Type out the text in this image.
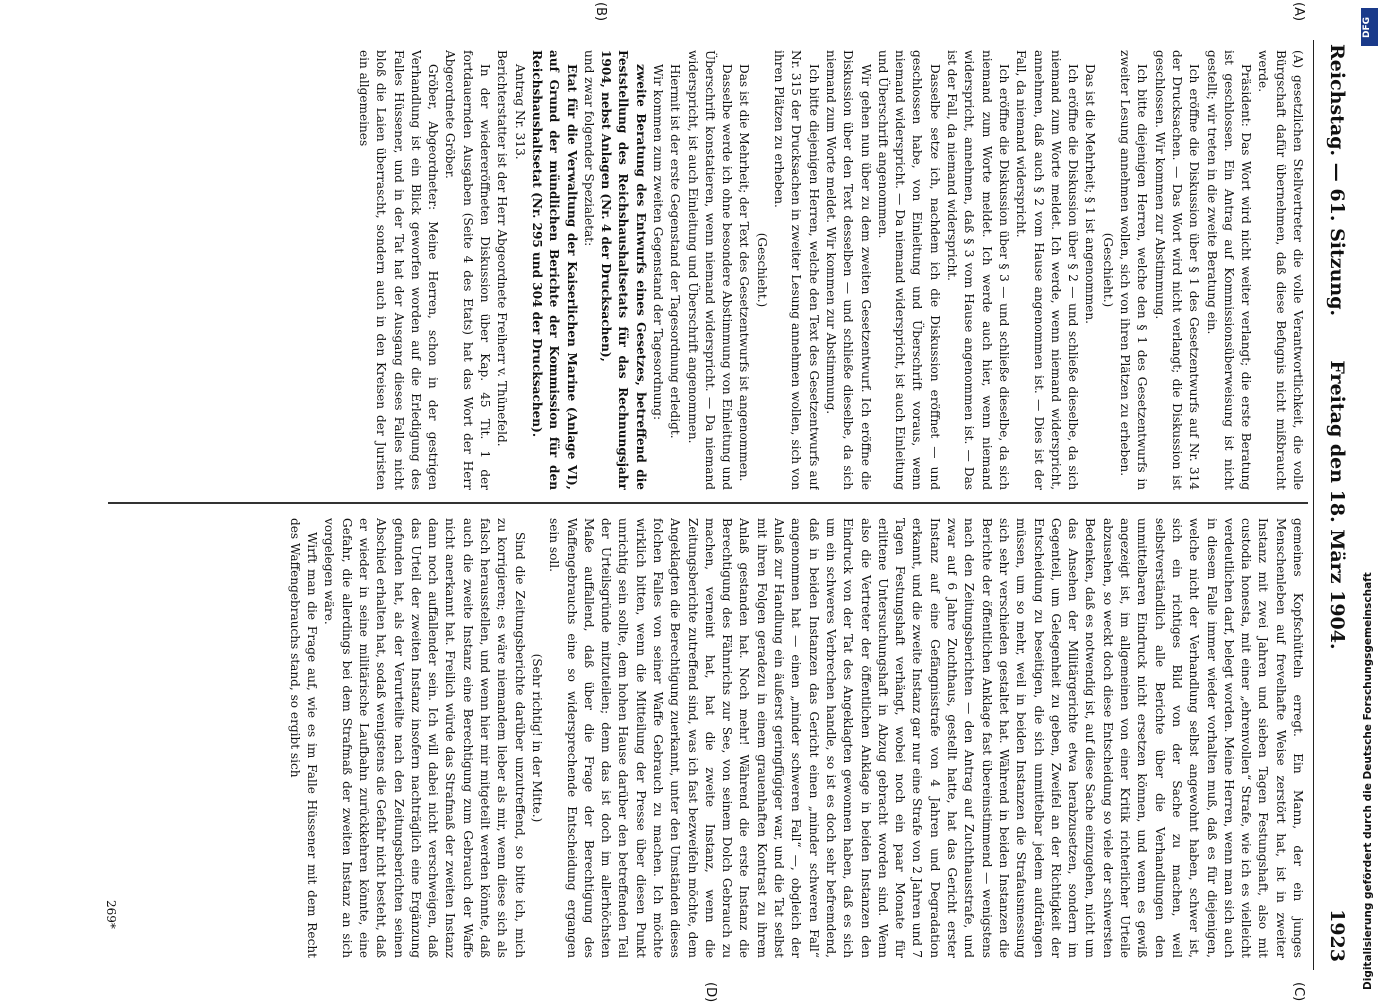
Reichstag. — 61. Sitzung.
Freitag den 18. März 1904.
1923
(A)
(B)
(C)
(D)

(A) gesetzlichen Stellvertreter die volle Verantwortlichkeit, die volle Bürgschaft dafür übernehmen, daß diese Befugnis nicht mißbraucht werde.

Präsident: Das Wort wird nicht weiter verlangt; die erste Beratung ist geschlossen. Ein Antrag auf Kommissionsüberweisung ist nicht gestellt; wir treten in die zweite Beratung ein.

Ich eröffne die Diskussion über § 1 des Gesetzentwurfs auf Nr. 314 der Drucksachen. — Das Wort wird nicht verlangt; die Diskussion ist geschlossen. Wir kommen zur Abstimmung.

Ich bitte diejenigen Herren, welche den § 1 des Gesetzentwurfs in zweiter Lesung annehmen wollen, sich von ihren Plätzen zu erheben.

(Geschieht.)

Das ist die Mehrheit; § 1 ist angenommen.

Ich eröffne die Diskussion über § 2 — und schließe dieselbe, da sich niemand zum Worte meldet. Ich werde, wenn niemand widerspricht, annehmen, daß auch § 2 vom Hause angenommen ist. — Dies ist der Fall, da niemand widerspricht.

Ich eröffne die Diskussion über § 3 — und schließe dieselbe, da sich niemand zum Worte meldet. Ich werde auch hier, wenn niemand widerspricht, annehmen, daß § 3 vom Hause angenommen ist. — Das ist der Fall, da niemand widerspricht.

Dasselbe setze ich, nachdem ich die Diskussion eröffnet — und geschlossen habe, von Einleitung und Überschrift voraus, wenn niemand widerspricht. — Da niemand widerspricht, ist auch Einleitung und Überschrift angenommen.

Wir gehen nun über zu dem zweiten Gesetzentwurf. Ich eröffne die Diskussion über den Text desselben — und schließe dieselbe, da sich niemand zum Worte meldet. Wir kommen zur Abstimmung.

Ich bitte diejenigen Herren, welche den Text des Gesetzentwurfs auf Nr. 315 der Drucksachen in zweiter Lesung annehmen wollen, sich von ihren Plätzen zu erheben.

(Geschieht.)

Das ist die Mehrheit; der Text des Gesetzentwurfs ist angenommen.

Dasselbe werde ich ohne besondere Abstimmung von Einleitung und Überschrift konstatieren, wenn niemand widerspricht. — Da niemand widerspricht, ist auch Einleitung und Überschrift angenommen.

Hiermit ist der erste Gegenstand der Tagesordnung erledigt.

Wir kommen zum zweiten Gegenstand der Tagesordnung:

zweite Beratung des Entwurfs eines Gesetzes, betreffend die Feststellung des Reichshaushaltsetats für das Rechnungsjahr 1904, nebst Anlagen (Nr. 4 der Drucksachen),

und zwar folgender Spezialetat:

Etat für die Verwaltung der Kaiserlichen Marine (Anlage VI), auf Grund der mündlichen Berichte der Kommission für den Reichshaushaltsetat (Nr. 295 und 304 der Drucksachen).

Antrag Nr. 313.

Berichterstatter ist der Herr Abgeordnete Freiherr v. Thünefeld.

In der wiedereröffneten Diskussion über Kap. 45 Tit. 1 der fortdauernden Ausgaben (Seite 4 des Etats) hat das Wort der Herr Abgeordnete Gröber.

Gröber, Abgeordneter: Meine Herren, schon in der gestrigen Verhandlung ist ein Blick geworfen worden auf die Erledigung des Falles Hüssener, und in der Tat hat der Ausgang dieses Falles nicht bloß die Laien überrascht, sondern auch in den Kreisen der Juristen ein allgemeines

gemeines Kopfschütteln erregt. Ein Mann, der ein junges Menschenleben auf frevelhafte Weise zerstört hat, ist in zweiter Instanz mit zwei Jahren und sieben Tagen Festungshaft, also mit custodia honesta, mit einer „ehrenvollen“ Strafe, wie ich es vielleicht verdeutlichen darf, belegt worden. Meine Herren, wenn man sich auch in diesem Falle immer wieder vorhalten muß, daß es für diejenigen, welche nicht der Verhandlung selbst angewohnt haben, schwer ist, sich ein richtiges Bild von der Sache zu machen, weil selbstverständlich alle Berichte über die Verhandlungen den unmittelbaren Eindruck nicht ersetzen können, und wenn es gewiß angezeigt ist, im allgemeinen von einer Kritik richterlicher Urteile abzusehen, so weckt doch diese Entscheidung so viele der schwersten Bedenken, daß es notwendig ist, auf diese Sache einzugehen, nicht um das Ansehen der Militärgerichte etwa herabzusetzen, sondern im Gegenteil, um Gelegenheit zu geben, Zweifel an der Richtigkeit der Entscheidung zu beseitigen, die sich unmittelbar jedem aufdrängen müssen, um so mehr, weil in beiden Instanzen die Strafausmessung sich sehr verschieden gestaltet hat. Während in beiden Instanzen die Berichte der öffentlichen Anklage fast übereinstimmend — wenigstens nach den Zeitungsberichten — den Antrag auf Zuchthausstrafe, und zwar auf 6 Jahre Zuchthaus, gestellt hatte, hat das Gericht erster Instanz auf eine Gefängnisstrafe von 4 Jahren und Degradation erkannt, und die zweite Instanz gar nur eine Strafe von 2 Jahren und 7 Tagen Festungshaft verhängt, wobei noch ein paar Monate für erlittene Untersuchungshaft in Abzug gebracht worden sind. Wenn also die Vertreter der öffentlichen Anklage in beiden Instanzen den Eindruck von der Tat des Angeklagten gewonnen haben, daß es sich um ein schweres Verbrechen handle, so ist es doch sehr befremdend, daß in beiden Instanzen das Gericht einen „minder schweren Fall“ angenommen hat — einen „minder schweren Fall“ —, obgleich der Anlaß zur Handlung ein äußerst geringfügiger war, und die Tat selbst mit ihren Folgen geradezu in einem grauenhaften Kontrast zu ihrem Anlaß gestanden hat. Noch mehr! Während die erste Instanz die Berechtigung des Fähnrichs zur See, von seinem Dolch Gebrauch zu machen, verneint hat, hat die zweite Instanz, wenn die Zeitungsberichte zutreffend sind, was ich fast bezweifeln möchte, dem Angeklagten die Berechtigung zuerkannt, unter den Umständen dieses folchen Falles von seiner Waffe Gebrauch zu machen. Ich möchte wirklich bitten, wenn die Mitteilung der Presse über diesen Punkt unrichtig sein sollte, dem hohen Hause darüber den betreffenden Teil der Urteilsgründe mitzuteilen; denn das ist doch im allerhöchsten Maße auffallend, daß über die Frage der Berechtigung des Waffengebrauchs eine so widersprechende Entscheidung ergangen sein soll.

(Sehr richtig! in der Mitte.)

Sind die Zeitungsberichte darüber unzutreffend, so bitte ich, mich zu korrigieren; es wäre niemandem lieber als mir, wenn diese sich als falsch herausstellen, und wenn hier mir mitgeteilt werden könnte, daß auch die zweite Instanz eine Berechtigung zum Gebrauch der Waffe nicht anerkannt hat. Freilich würde das Strafmaß der zweiten Instanz dann noch auffallender sein. Ich will dabei nicht verschweigen, daß das Urteil der zweiten Instanz insofern nachträglich eine Ergänzung gefunden hat, als der Verurteilte nach den Zeitungsberichten seinen Abschied erhalten hat, sodaß wenigstens die Gefahr nicht besteht, daß er wieder in seine militärische Laufbahn zurückkehren könnte, eine Gefahr, die allerdings bei dem Strafmaß der zweiten Instanz an sich vorgelegen wäre.

Wirft man die Frage auf, wie es im Falle Hüssener mit dem Recht des Waffengebrauchs stand, so ergibt sich

269*
DFG
Digitalisierung gefördert durch die Deutsche Forschungsgemeinschaft
